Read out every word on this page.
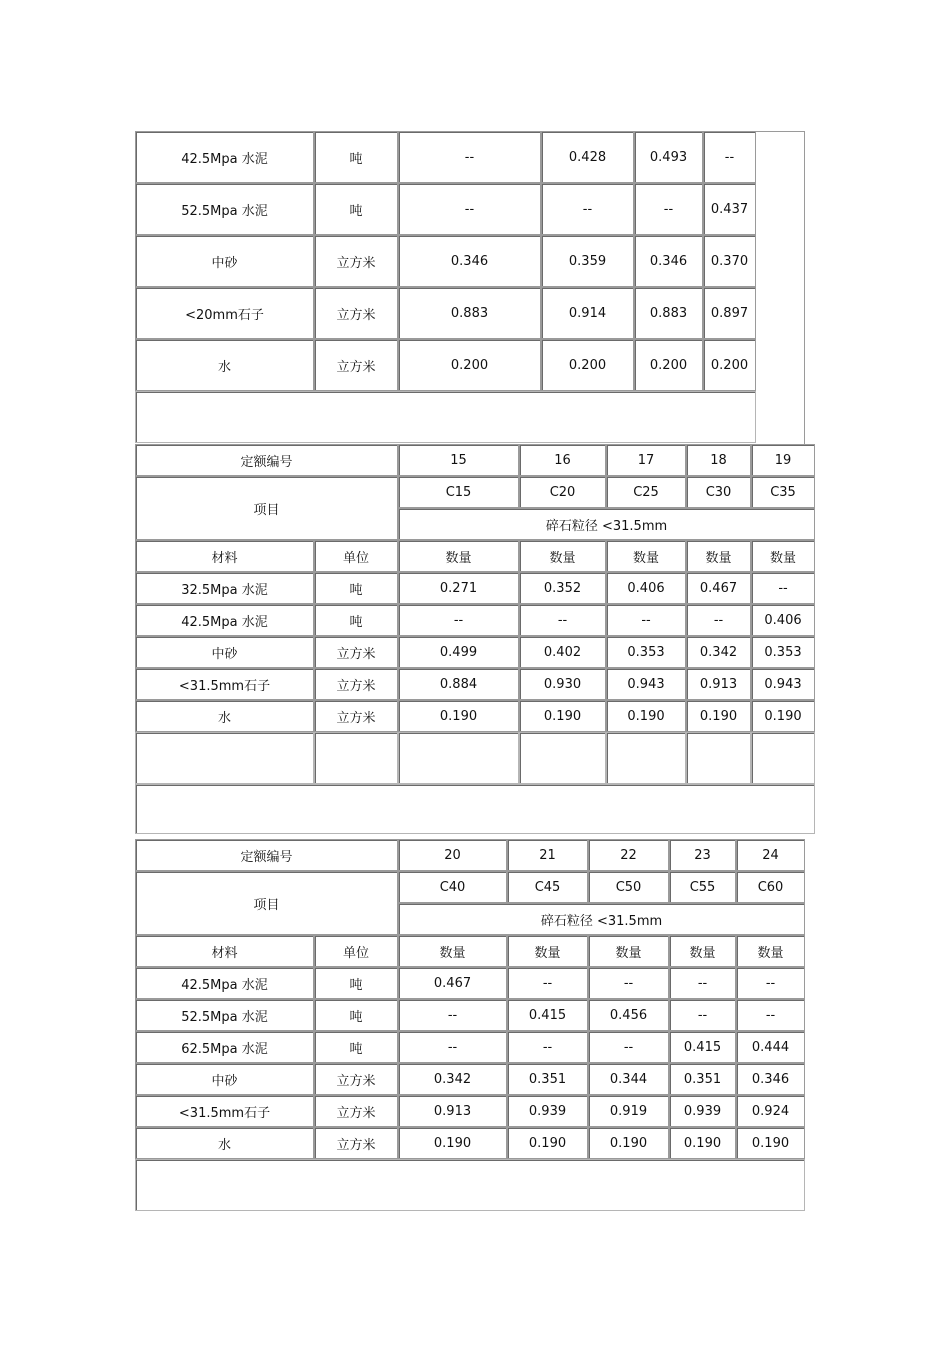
42.5Mpa 水泥	吨	--	0.428	0.493	--
52.5Mpa 水泥	吨	--	--	--	0.437
中砂	立方米	0.346	0.359	0.346	0.370
<20mm石子	立方米	0.883	0.914	0.883	0.897
水	立方米	0.200	0.200	0.200	0.200

定额编号		15	16	17	18	19
项目		C15	C20	C25	C30	C35
		碎石粒径 <31.5mm				
材料	单位	数量	数量	数量	数量	数量
32.5Mpa 水泥	吨	0.271	0.352	0.406	0.467	--
42.5Mpa 水泥	吨	--	--	--	--	0.406
中砂	立方米	0.499	0.402	0.353	0.342	0.353
<31.5mm石子	立方米	0.884	0.930	0.943	0.913	0.943
水	立方米	0.190	0.190	0.190	0.190	0.190

定额编号		20	21	22	23	24
项目		C40	C45	C50	C55	C60
		碎石粒径 <31.5mm				
材料	单位	数量	数量	数量	数量	数量
42.5Mpa 水泥	吨	0.467	--	--	--	--
52.5Mpa 水泥	吨	--	0.415	0.456	--	--
62.5Mpa 水泥	吨	--	--	--	0.415	0.444
中砂	立方米	0.342	0.351	0.344	0.351	0.346
<31.5mm石子	立方米	0.913	0.939	0.919	0.939	0.924
水	立方米	0.190	0.190	0.190	0.190	0.190
